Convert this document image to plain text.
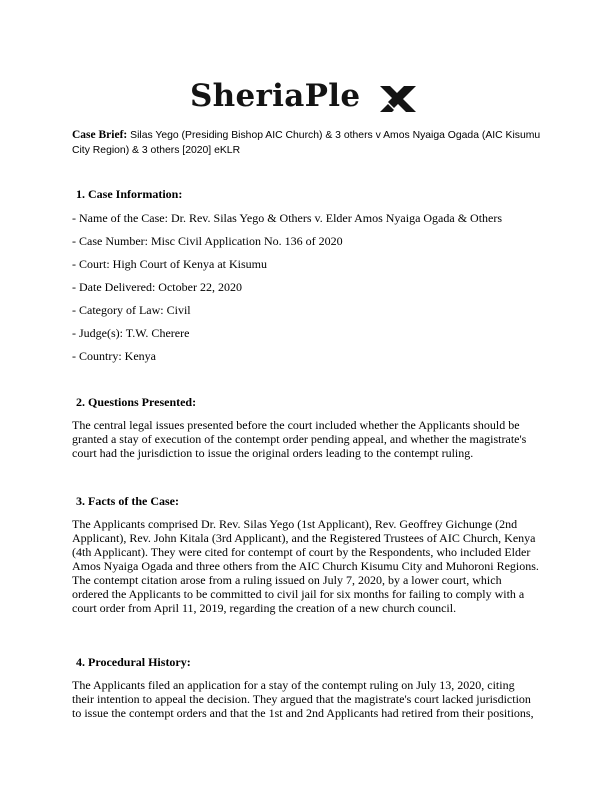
SheriaPle
Case Brief: Silas Yego (Presiding Bishop AIC Church) & 3 others v Amos Nyaiga Ogada (AIC Kisumu City Region) & 3 others [2020] eKLR
1. Case Information:
- Name of the Case: Dr. Rev. Silas Yego & Others v. Elder Amos Nyaiga Ogada & Others
- Case Number: Misc Civil Application No. 136 of 2020
- Court: High Court of Kenya at Kisumu
- Date Delivered: October 22, 2020
- Category of Law: Civil
- Judge(s): T.W. Cherere
- Country: Kenya
2. Questions Presented:
The central legal issues presented before the court included whether the Applicants should be
granted a stay of execution of the contempt order pending appeal, and whether the magistrate's
court had the jurisdiction to issue the original orders leading to the contempt ruling.
3. Facts of the Case:
The Applicants comprised Dr. Rev. Silas Yego (1st Applicant), Rev. Geoffrey Gichunge (2nd
Applicant), Rev. John Kitala (3rd Applicant), and the Registered Trustees of AIC Church, Kenya
(4th Applicant). They were cited for contempt of court by the Respondents, who included Elder
Amos Nyaiga Ogada and three others from the AIC Church Kisumu City and Muhoroni Regions.
The contempt citation arose from a ruling issued on July 7, 2020, by a lower court, which
ordered the Applicants to be committed to civil jail for six months for failing to comply with a
court order from April 11, 2019, regarding the creation of a new church council.
4. Procedural History:
The Applicants filed an application for a stay of the contempt ruling on July 13, 2020, citing
their intention to appeal the decision. They argued that the magistrate's court lacked jurisdiction
to issue the contempt orders and that the 1st and 2nd Applicants had retired from their positions,
